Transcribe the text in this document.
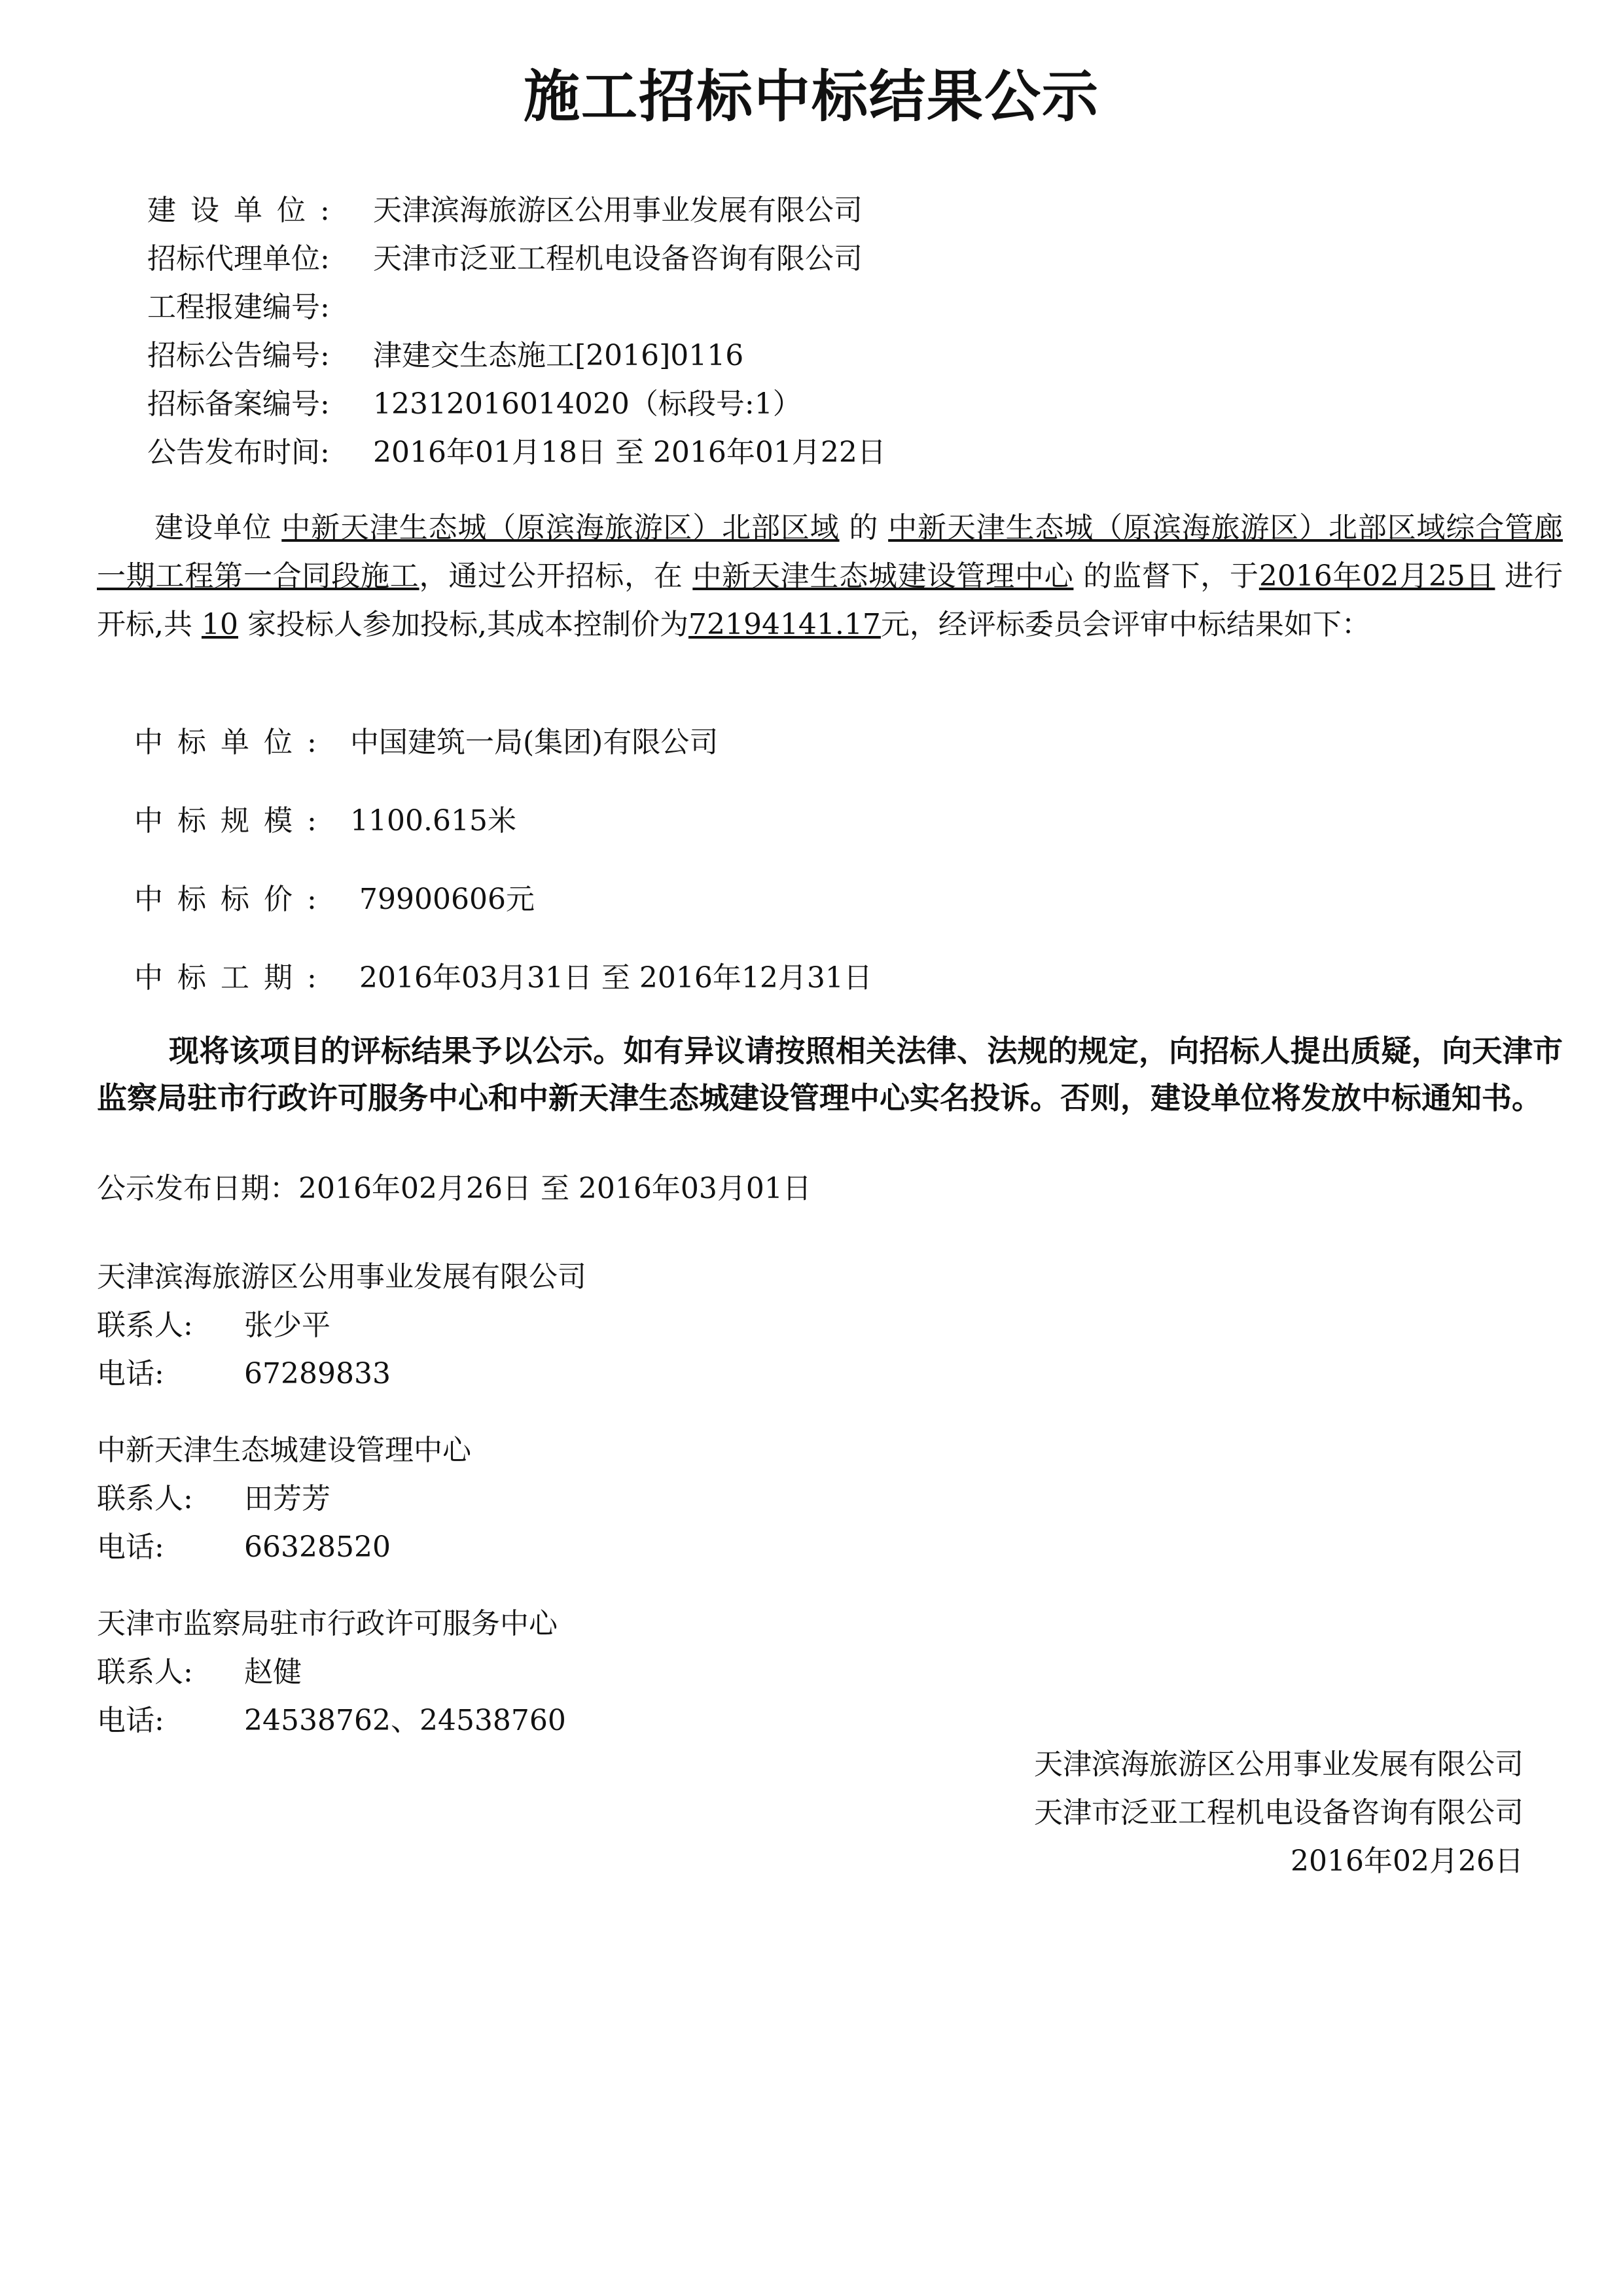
施工招标中标结果公示
建设单位: 天津滨海旅游区公用事业发展有限公司
招标代理单位: 天津市泛亚工程机电设备咨询有限公司
工程报建编号:
招标公告编号: 津建交生态施工[2016]0116
招标备案编号: 12312016014020（标段号:1）
公告发布时间: 2016年01月18日 至 2016年01月22日
建设单位 中新天津生态城（原滨海旅游区）北部区域 的 中新天津生态城（原滨海旅游区）北部区域综合管廊一期工程第一合同段施工，通过公开招标，在 中新天津生态城建设管理中心 的监督下，于2016年02月25日 进行开标,共 10 家投标人参加投标,其成本控制价为72194141.17元，经评标委员会评审中标结果如下：
中标单位: 中国建筑一局(集团)有限公司
中标规模: 1100.615米
中标标价: 79900606元
中标工期: 2016年03月31日 至 2016年12月31日
现将该项目的评标结果予以公示。如有异议请按照相关法律、法规的规定，向招标人提出质疑，向天津市监察局驻市行政许可服务中心和中新天津生态城建设管理中心实名投诉。否则，建设单位将发放中标通知书。
公示发布日期：2016年02月26日 至 2016年03月01日
天津滨海旅游区公用事业发展有限公司
联系人: 张少平
电话:	67289833
中新天津生态城建设管理中心
联系人: 田芳芳
电话:	66328520
天津市监察局驻市行政许可服务中心
联系人: 赵健
电话:	24538762、24538760
天津滨海旅游区公用事业发展有限公司
天津市泛亚工程机电设备咨询有限公司
2016年02月26日
